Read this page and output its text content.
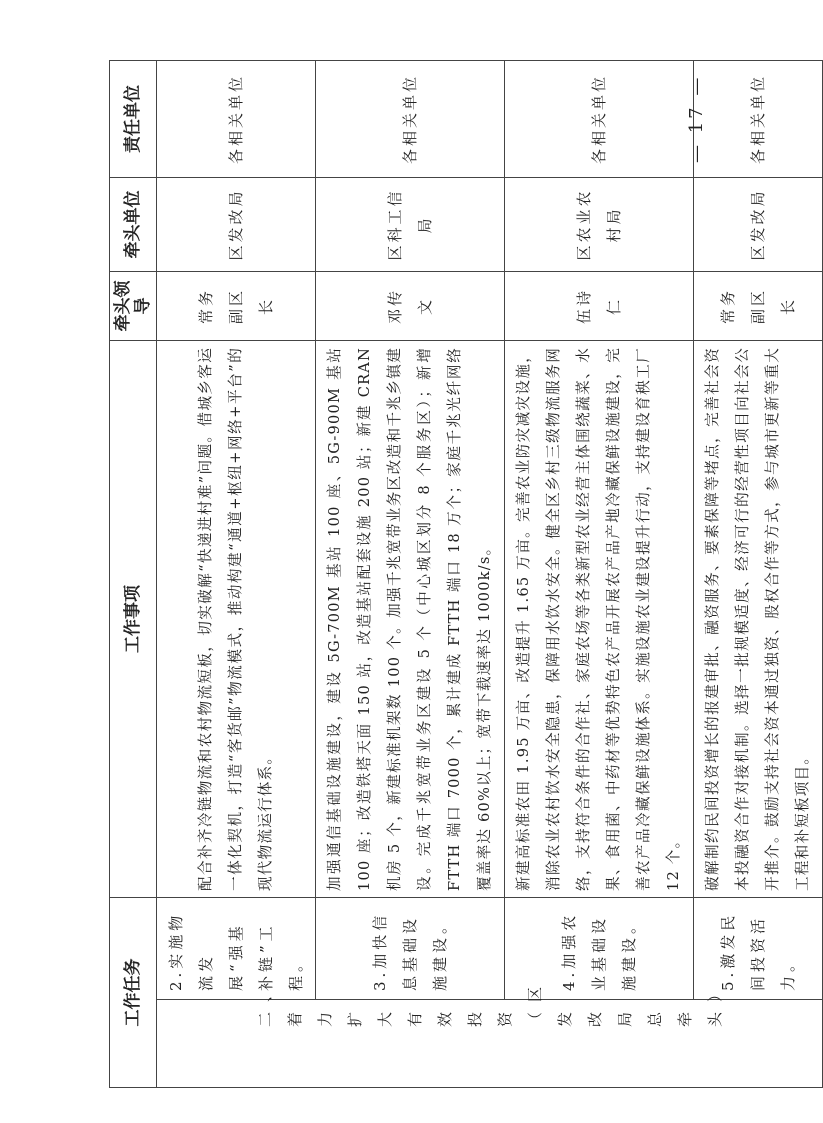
工作任务		工作事项	牵头领导	牵头单位	责任单位
二、着力扩大有效投资（区发改局总牵头）	2.实施物流发展“强基补链”工程。	配合补齐冷链物流和农村物流短板，切实破解“快递进村难”问题。借城乡客运一体化契机，打造“客货邮”物流模式，推动构建“通道+枢纽+网络+平台”的现代物流运行体系。	常务副区长	区发改局	各相关单位
	3.加快信息基础设施建设。	加强通信基础设施建设，建设 5G-700M 基站 100 座、5G-900M 基站 100 座；改造铁塔天面 150 站，改造基站配套设施 200 站；新建 CRAN 机房 5 个，新建标准机架数 100 个。加强千兆宽带业务区改造和千兆乡镇建设。完成千兆宽带业务区建设 5 个（中心城区划分 8 个服务区）；新增 FTTH 端口 7000 个，累计建成 FTTH 端口 18 万个；家庭千兆光纤网络覆盖率达 60%以上；宽带下载速率达 1000k/s。	邓传文	区科工信局	各相关单位
	4.加强农业基础设施建设。	新建高标准农田 1.95 万亩、改造提升 1.65 万亩。完善农业防灾减灾设施，消除农业农村饮水安全隐患，保障用水饮水安全。健全区乡村三级物流服务网络，支持符合条件的合作社、家庭农场等各类新型农业经营主体围绕蔬菜、水果、食用菌、中药材等优势特色农产品开展农产品产地冷藏保鲜设施建设，完善农产品冷藏保鲜设施体系。实施设施农业建设提升行动，支持建设育秧工厂 12 个。	伍诗仁	区农业农村局	各相关单位
	5.激发民间投资活力。	破解制约民间投资增长的报建审批、融资服务、要素保障等堵点，完善社会资本投融资合作对接机制。选择一批规模适度、经济可行的经营性项目向社会公开推介。鼓励支持社会资本通过独资、股权合作等方式，参与城市更新等重大工程和补短板项目。	常务副区长	区发改局	各相关单位
— 17 —
